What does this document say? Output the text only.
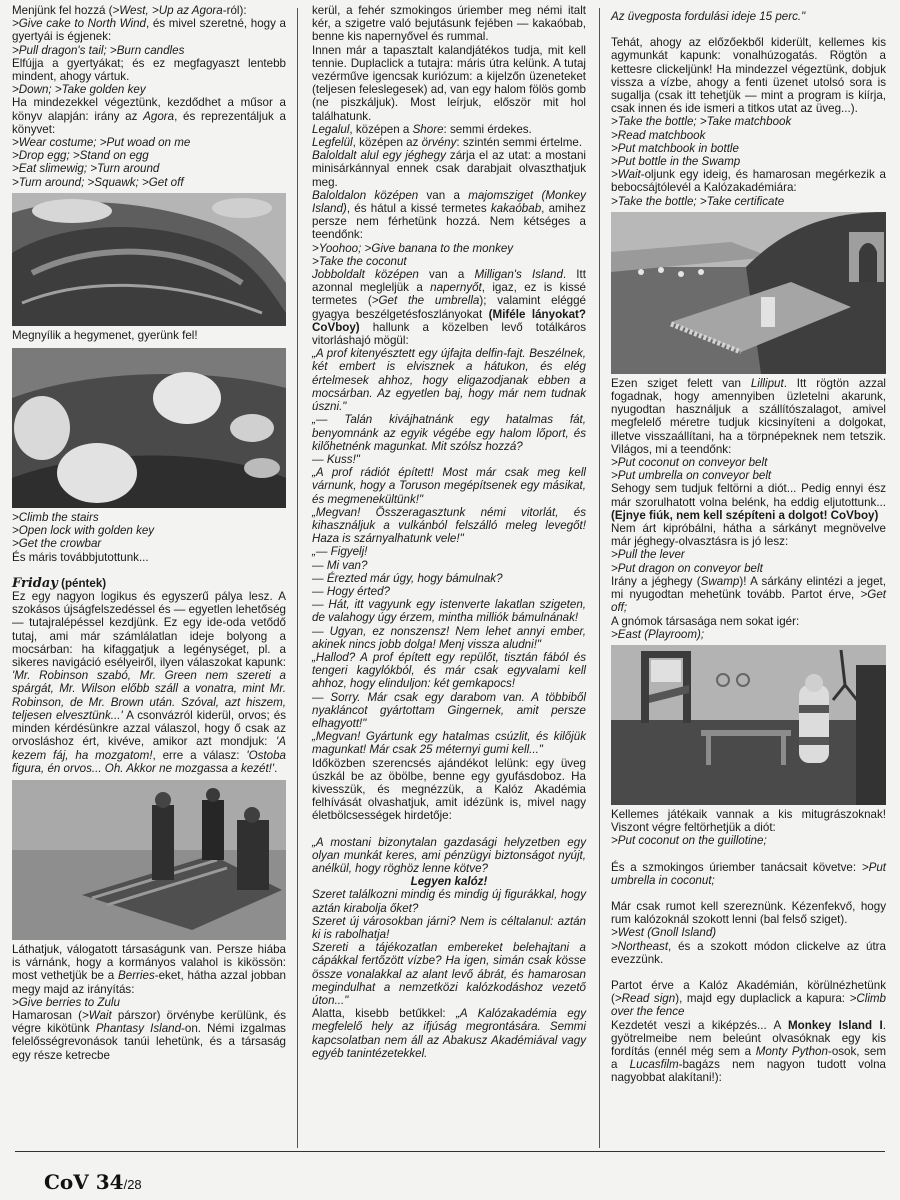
Menjünk fel hozzá (>West, >Up az Agora-ról):

>Give cake to North Wind, és mivel szeretné, hogy a gyertyái is égjenek:

>Pull dragon's tail; >Burn candles

Elfújja a gyertyákat; és ez megfagyaszt lentebb mindent, ahogy vártuk.

>Down; >Take golden key

Ha mindezekkel végeztünk, kezdődhet a műsor a könyv alapján: irány az Agora, és reprezentáljuk a könyvet:

>Wear costume; >Put woad on me

>Drop egg; >Stand on egg

>Eat slimewig; >Turn around

>Turn around; >Squawk; >Get off

Megnyílik a hegymenet, gyerünk fel!

>Climb the stairs

>Open lock with golden key

>Get the crowbar

És máris továbbjutottunk...

Friday (péntek)

Ez egy nagyon logikus és egyszerű pálya lesz. A szokásos újságfelszedéssel és — egyetlen lehetőség — tutajralépéssel kezdjünk. Ez egy ide-oda vetődő tutaj, ami már számlálatlan ideje bolyong a mocsárban: ha kifaggatjuk a legénységet, pl. a sikeres navigáció esélyeiről, ilyen válaszokat kapunk: 'Mr. Robinson szabó, Mr. Green nem szereti a spárgát, Mr. Wilson előbb száll a vonatra, mint Mr. Robinson, de Mr. Brown után. Szóval, azt hiszem, teljesen elvesztünk...' A csonvázról kiderül, orvos; és minden kérdésünkre azzal válaszol, hogy ő csak az orvosláshoz ért, kivéve, amikor azt mondjuk: 'A kezem fáj, ha mozgatom!, erre a válasz: 'Ostoba figura, én orvos... Oh. Akkor ne mozgassa a kezét!'.

Láthatjuk, válogatott társaságunk van. Persze hiába is várnánk, hogy a kormányos valahol is kikössön: most vethetjük be a Berries-eket, hátha azzal jobban megy majd az irányítás:

>Give berries to Zulu

Hamarosan (>Wait párszor) örvénybe kerülünk, és végre kikötünk Phantasy Island-on. Némi izgalmas felelősségrevonások tanúi lehetünk, és a társaság egy része ketrecbe

kerül, a fehér szmokingos úriember meg némi italt kér, a szigetre való bejutásunk fejében — kakaóbab, benne kis napernyővel és rummal.

Innen már a tapasztalt kalandjátékos tudja, mit kell tennie. Duplaclick a tutajra: máris útra kelünk. A tutaj vezérműve igencsak kuriózum: a kijelzőn üzeneteket (teljesen feleslegesek) ad, van egy halom fölös gomb (ne piszkáljuk). Most leírjuk, először mit hol találhatunk.

Legalul, középen a Shore: semmi érdekes.

Legfelül, középen az örvény: szintén semmi értelme.

Baloldalt alul egy jéghegy zárja el az utat: a mostani minisárkánnyal ennek csak darabjait olvaszthatjuk meg.

Baloldalon középen van a majomsziget (Monkey Island), és hátul a kissé termetes kakaóbab, amihez persze nem férhetünk hozzá. Nem kétséges a teendőnk:

>Yoohoo; >Give banana to the monkey

>Take the coconut

Jobboldalt középen van a Milligan's Island. Itt azonnal megleljük a napernyőt, igaz, ez is kissé termetes (>Get the umbrella); valamint eléggé gyagya beszélgetésfoszlányokat (Miféle lányokat? CoVboy) hallunk a közelben levő totálkáros vitorláshajó mögül:

„A prof kitenyésztett egy újfajta delfin-fajt. Beszélnek, két embert is elvisznek a hátukon, és elég értelmesek ahhoz, hogy eligazodjanak ebben a mocsárban. Az egyetlen baj, hogy már nem tudnak úszni."

„— Talán kivájhatnánk egy hatalmas fát, benyomnánk az egyik végébe egy halom lőport, és kilőhetnénk magunkat. Mit szólsz hozzá?

— Kuss!"

„A prof rádiót épített! Most már csak meg kell várnunk, hogy a Toruson megépítsenek egy másikat, és megmenekültünk!"

„Megvan! Összeragasztunk némi vitorlát, és kihasználjuk a vulkánból felszálló meleg levegőt! Haza is szárnyalhatunk vele!"

„— Figyelj!

— Mi van?

— Érezted már úgy, hogy bámulnak?

— Hogy érted?

— Hát, itt vagyunk egy istenverte lakatlan szigeten, de valahogy úgy érzem, mintha milliók bámulnának!

— Ugyan, ez nonszensz! Nem lehet annyi ember, akinek nincs jobb dolga! Menj vissza aludni!"

„Hallod? A prof épített egy repülőt, tisztán fából és tengeri kagylókból, és már csak egyvalami kell ahhoz, hogy elinduljon: két gemkapocs!

— Sorry. Már csak egy darabom van. A többiből nyakláncot gyártottam Gingernek, amit persze elhagyott!"

„Megvan! Gyártunk egy hatalmas csúzlit, és kilőjük magunkat! Már csak 25 méternyi gumi kell..."

Időközben szerencsés ajándékot lelünk: egy üveg úszkál be az öbölbe, benne egy gyufásdoboz. Ha kivesszük, és megnézzük, a Kalóz Akadémia felhívását olvashatjuk, amit idézünk is, mivel nagy életbölcsességek hirdetője:

„A mostani bizonytalan gazdasági helyzetben egy olyan munkát keres, ami pénzügyi biztonságot nyújt, anélkül, hogy röghöz lenne kötve?

Legyen kalóz!

Szeret találkozni mindig és mindig új figurákkal, hogy aztán kirabolja őket?

Szeret új városokban járni? Nem is céltalanul: aztán ki is rabolhatja!

Szereti a tájékozatlan embereket belehajtani a cápákkal fertőzött vízbe? Ha igen, simán csak kösse össze vonalakkal az alant levő ábrát, és hamarosan megindulhat a nemzetközi kalózkodáshoz vezető úton..."

Alatta, kisebb betűkkel: „A Kalózakadémia egy megfelelő hely az ifjúság megrontására. Semmi kapcsolatban nem áll az Abakusz Akadémiával vagy egyéb tanintézetekkel.

Az üvegposta fordulási ideje 15 perc."

Tehát, ahogy az előzőekből kiderült, kellemes kis agymunkát kapunk: vonalhúzogatás. Rögtön a kettesre clickeljünk! Ha mindezzel végeztünk, dobjuk vissza a vízbe, ahogy a fenti üzenet utolsó sora is sugallja (csak itt tehetjük — mint a program is kiírja, csak innen és ide ismeri a titkos utat az üveg...).

>Take the bottle; >Take matchbook

>Read matchbook

>Put matchbook in bottle

>Put bottle in the Swamp

>Wait-oljunk egy ideig, és hamarosan megérkezik a bebocsájtólevél a Kalózakadémiára:

>Take the bottle; >Take certificate

Ezen sziget felett van Lilliput. Itt rögtön azzal fogadnak, hogy amennyiben üzletelni akarunk, nyugodtan használjuk a szállítószalagot, amivel megfelelő méretre tudjuk kicsinyíteni a dolgokat, illetve visszaállítani, ha a törpnépeknek nem tetszik. Világos, mi a teendőnk:

>Put coconut on conveyor belt

>Put umbrella on conveyor belt

Sehogy sem tudjuk feltörni a diót... Pedig ennyi ész már szorulhatott volna belénk, ha eddig eljutottunk... (Ejnye fiúk, nem kell szépíteni a dolgot! CoVboy)

Nem árt kipróbálni, hátha a sárkányt megnövelve már jéghegy-olvasztásra is jó lesz:

>Pull the lever

>Put dragon on conveyor belt

Irány a jéghegy (Swamp)! A sárkány elintézi a jeget, mi nyugodtan mehetünk tovább. Partot érve, >Get off;

A gnómok társasága nem sokat igér:

>East (Playroom);

Kellemes játékaik vannak a kis mitugrászoknak! Viszont végre feltörhetjük a diót:

>Put coconut on the guillotine;

És a szmokingos úriember tanácsait követve: >Put umbrella in coconut;

Már csak rumot kell szereznünk. Kézenfekvő, hogy rum kalózoknál szokott lenni (bal felső sziget).

>West (Gnoll Island)

>Northeast, és a szokott módon clickelve az útra evezzünk.

Partot érve a Kalóz Akadémián, körülnézhetünk (>Read sign), majd egy duplaclick a kapura: >Climb over the fence

Kezdetét veszi a kiképzés... A Monkey Island I. gyötrelmeibe nem beleúnt olvasóknak egy kis fordítás (ennél még sem a Monty Python-osok, sem a Lucasfilm-bagázs nem nagyon tudott volna nagyobbat alakítani!):

CoV 34/28
